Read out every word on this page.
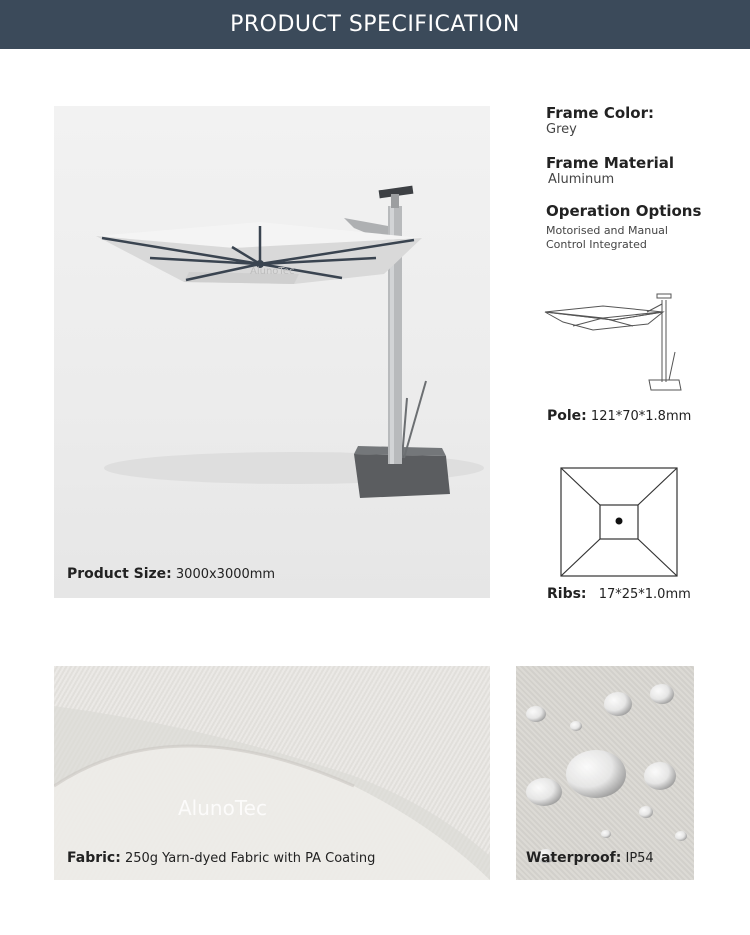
PRODUCT SPECIFICATION
AlunoTec
Product Size: 3000x3000mm
Frame Color:
Grey
Frame Material
Aluminum
Operation Options
Motorised and Manual
Control Integrated
Pole: 121*70*1.8mm
Ribs: 17*25*1.0mm
AlunoTec
Fabric: 250g Yarn-dyed Fabric with PA Coating	Waterproof: IP54
